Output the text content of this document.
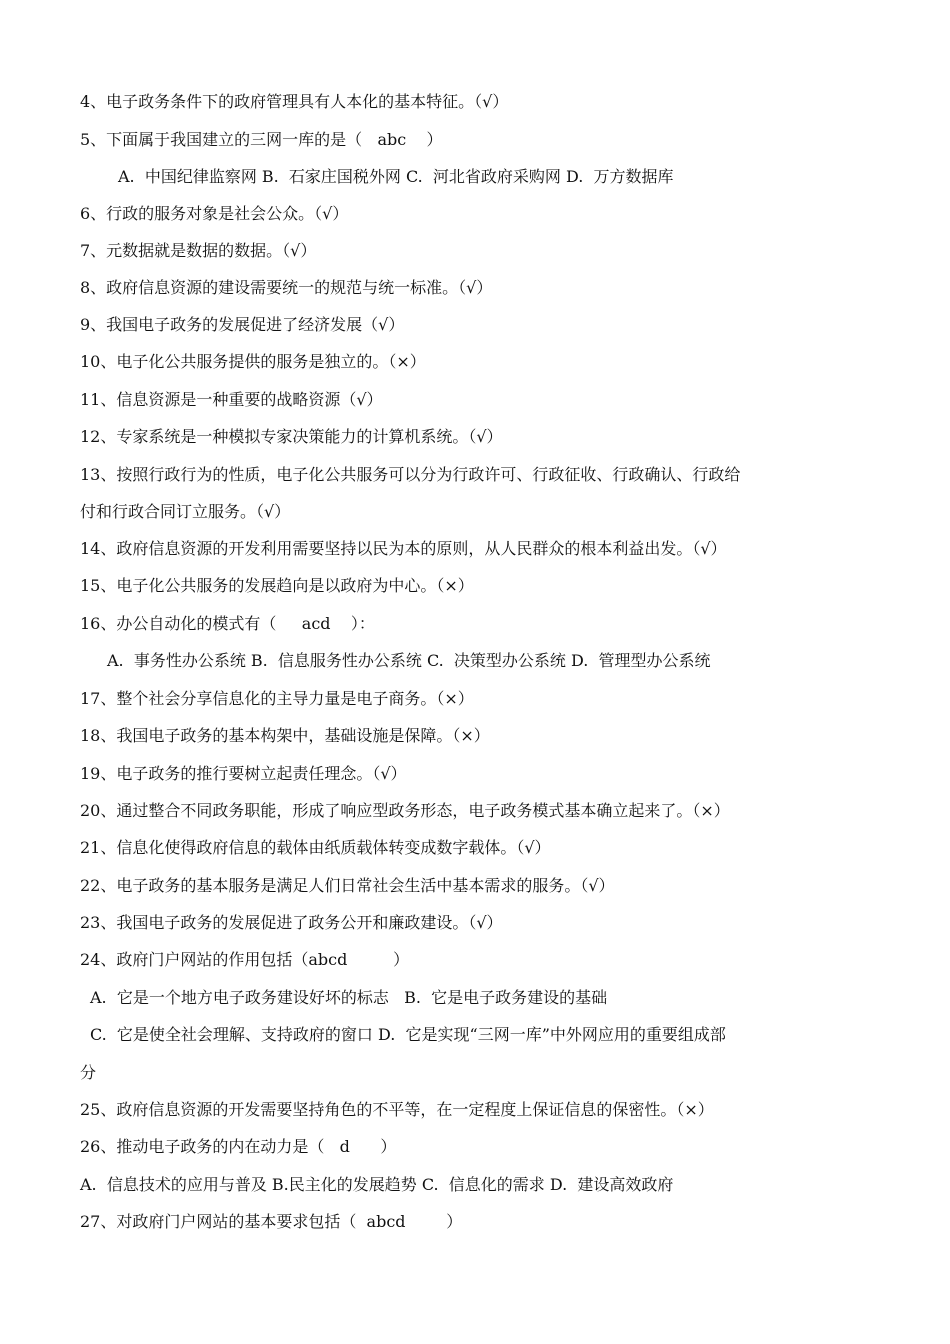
4、电子政务条件下的政府管理具有人本化的基本特征。（√）
5、下面属于我国建立的三网一库的是（   abc    ）
A.  中国纪律监察网 B.  石家庄国税外网 C.  河北省政府采购网 D.  万方数据库
6、行政的服务对象是社会公众。（√）
7、元数据就是数据的数据。（√）
8、政府信息资源的建设需要统一的规范与统一标准。（√）
9、我国电子政务的发展促进了经济发展（√）
10、电子化公共服务提供的服务是独立的。（×）
11、信息资源是一种重要的战略资源（√）
12、专家系统是一种模拟专家决策能力的计算机系统。（√）
13、按照行政行为的性质，电子化公共服务可以分为行政许可、行政征收、行政确认、行政给
付和行政合同订立服务。（√）
14、政府信息资源的开发利用需要坚持以民为本的原则，从人民群众的根本利益出发。（√）
15、电子化公共服务的发展趋向是以政府为中心。（×）
16、办公自动化的模式有（     acd    ）：
A.  事务性办公系统 B.  信息服务性办公系统 C.  决策型办公系统 D.  管理型办公系统
17、整个社会分享信息化的主导力量是电子商务。（×）
18、我国电子政务的基本构架中，基础设施是保障。（×）
19、电子政务的推行要树立起责任理念。（√）
20、通过整合不同政务职能，形成了响应型政务形态，电子政务模式基本确立起来了。（×）
21、信息化使得政府信息的载体由纸质载体转变成数字载体。（√）
22、电子政务的基本服务是满足人们日常社会生活中基本需求的服务。（√）
23、我国电子政务的发展促进了政务公开和廉政建设。（√）
24、政府门户网站的作用包括（abcd         ）
A.  它是一个地方电子政务建设好坏的标志   B.  它是电子政务建设的基础
C.  它是使全社会理解、支持政府的窗口 D.  它是实现“三网一库”中外网应用的重要组成部
分
25、政府信息资源的开发需要坚持角色的不平等，在一定程度上保证信息的保密性。（×）
26、推动电子政务的内在动力是（   d      ）
A.  信息技术的应用与普及 B.民主化的发展趋势 C.  信息化的需求 D.  建设高效政府
27、对政府门户网站的基本要求包括（  abcd        ）
